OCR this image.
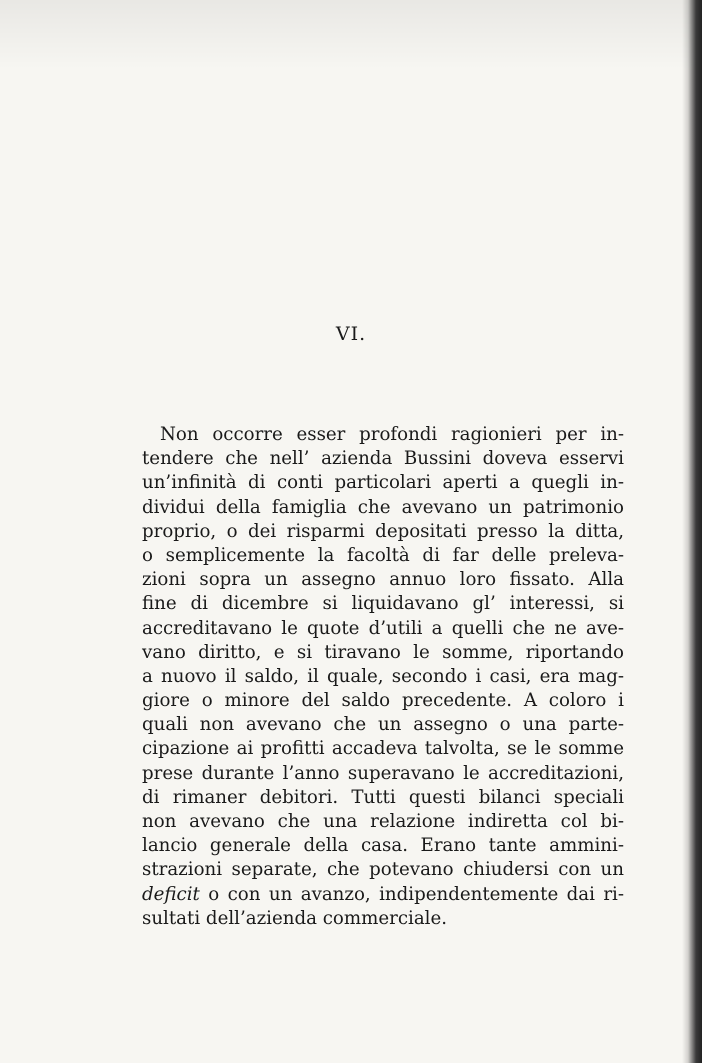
VI.
Non occorre esser profondi ragionieri per in-
tendere che nell’ azienda Bussini doveva esservi
un’infinità di conti particolari aperti a quegli in-
dividui della famiglia che avevano un patrimonio
proprio, o dei risparmi depositati presso la ditta,
o semplicemente la facoltà di far delle preleva-
zioni sopra un assegno annuo loro fissato. Alla
fine di dicembre si liquidavano gl’ interessi, si
accreditavano le quote d’utili a quelli che ne ave-
vano diritto, e si tiravano le somme, riportando
a nuovo il saldo, il quale, secondo i casi, era mag-
giore o minore del saldo precedente. A coloro i
quali non avevano che un assegno o una parte-
cipazione ai profitti accadeva talvolta, se le somme
prese durante l’anno superavano le accreditazioni,
di rimaner debitori. Tutti questi bilanci speciali
non avevano che una relazione indiretta col bi-
lancio generale della casa. Erano tante ammini-
strazioni separate, che potevano chiudersi con un
deficit o con un avanzo, indipendentemente dai ri-
sultati dell’azienda commerciale.
